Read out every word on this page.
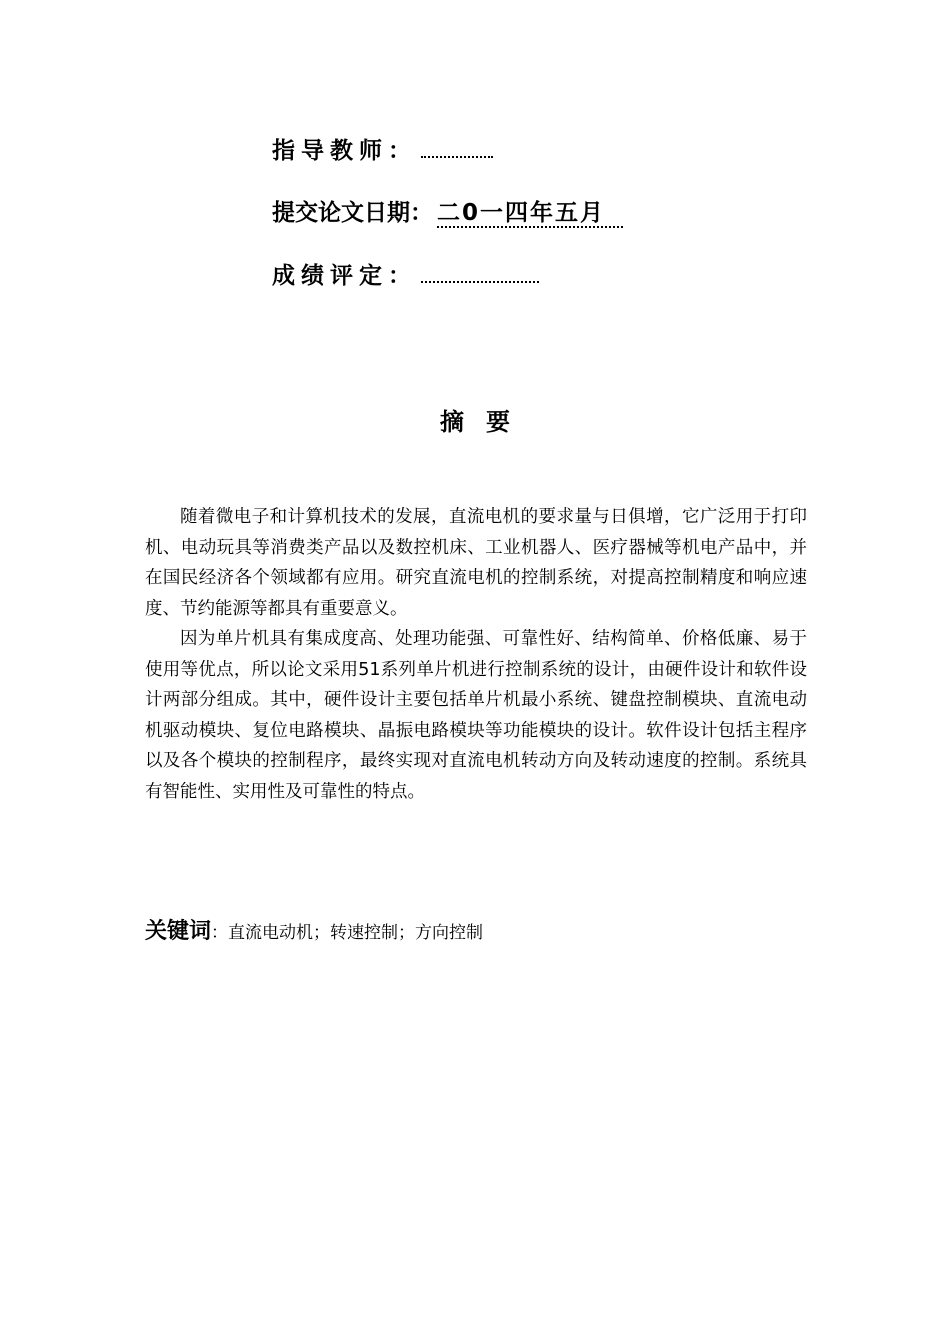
指导教师：
提交论文日期： 二0一四年五月
成绩评定：
摘要

随着微电子和计算机技术的发展，直流电机的要求量与日俱增，它广泛用于打印机、电动玩具等消费类产品以及数控机床、工业机器人、医疗器械等机电产品中，并在国民经济各个领域都有应用。研究直流电机的控制系统，对提高控制精度和响应速度、节约能源等都具有重要意义。

因为单片机具有集成度高、处理功能强、可靠性好、结构简单、价格低廉、易于使用等优点，所以论文采用51系列单片机进行控制系统的设计，由硬件设计和软件设计两部分组成。其中，硬件设计主要包括单片机最小系统、键盘控制模块、直流电动机驱动模块、复位电路模块、晶振电路模块等功能模块的设计。软件设计包括主程序以及各个模块的控制程序，最终实现对直流电机转动方向及转动速度的控制。系统具有智能性、实用性及可靠性的特点。

关键词：直流电动机；转速控制；方向控制
